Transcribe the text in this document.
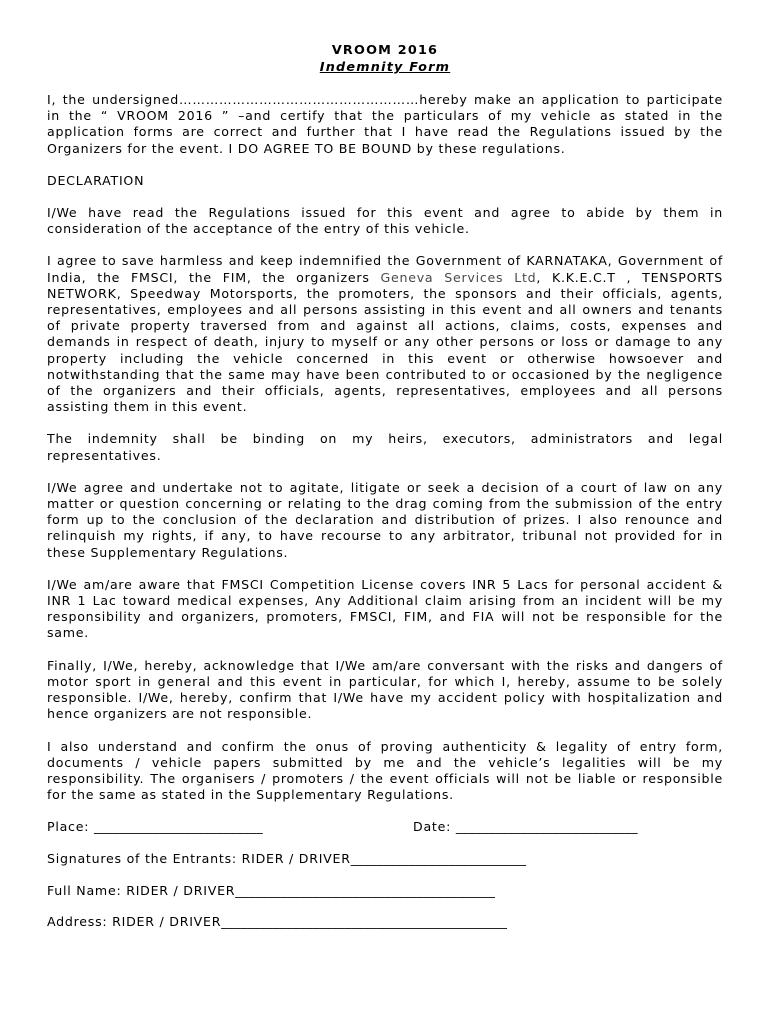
VROOM 2016
Indemnity Form

I, the undersigned………………………………………………hereby make an application to participate in the “ VROOM 2016 ” –and certify that the particulars of my vehicle as stated in the application forms are correct and further that I have read the Regulations issued by the Organizers for the event. I DO AGREE TO BE BOUND by these regulations.

DECLARATION

I/We have read the Regulations issued for this event and agree to abide by them in consideration of the acceptance of the entry of this vehicle.

I agree to save harmless and keep indemnified the Government of KARNATAKA, Government of India, the FMSCI, the FIM, the organizers Geneva Services Ltd, K.K.E.C.T , TENSPORTS NETWORK, Speedway Motorsports, the promoters, the sponsors and their officials, agents, representatives, employees and all persons assisting in this event and all owners and tenants of private property traversed from and against all actions, claims, costs, expenses and demands in respect of death, injury to myself or any other persons or loss or damage to any property including the vehicle concerned in this event or otherwise howsoever and notwithstanding that the same may have been contributed to or occasioned by the negligence of the organizers and their officials, agents, representatives, employees and all persons assisting them in this event.

The indemnity shall be binding on my heirs, executors, administrators and legal representatives.

I/We agree and undertake not to agitate, litigate or seek a decision of a court of law on any matter or question concerning or relating to the drag coming from the submission of the entry form up to the conclusion of the declaration and distribution of prizes. I also renounce and relinquish my rights, if any, to have recourse to any arbitrator, tribunal not provided for in these Supplementary Regulations.

I/We am/are aware that FMSCI Competition License covers INR 5 Lacs for personal accident & INR 1 Lac toward medical expenses, Any Additional claim arising from an incident will be my responsibility and organizers, promoters, FMSCI, FIM, and FIA will not be responsible for the same.

Finally, I/We, hereby, acknowledge that I/We am/are conversant with the risks and dangers of motor sport in general and this event in particular, for which I, hereby, assume to be solely responsible. I/We, hereby, confirm that I/We have my accident policy with hospitalization and hence organizers are not responsible.

I also understand and confirm the onus of proving authenticity & legality of entry form, documents / vehicle papers submitted by me and the vehicle’s legalities will be my responsibility. The organisers / promoters / the event officials will not be liable or responsible for the same as stated in the Supplementary Regulations.

Place: __________________________	Date: ____________________________
Signatures of the Entrants: RIDER / DRIVER ___________________________
Full Name: RIDER / DRIVER ________________________________________
Address: RIDER / DRIVER ____________________________________________
